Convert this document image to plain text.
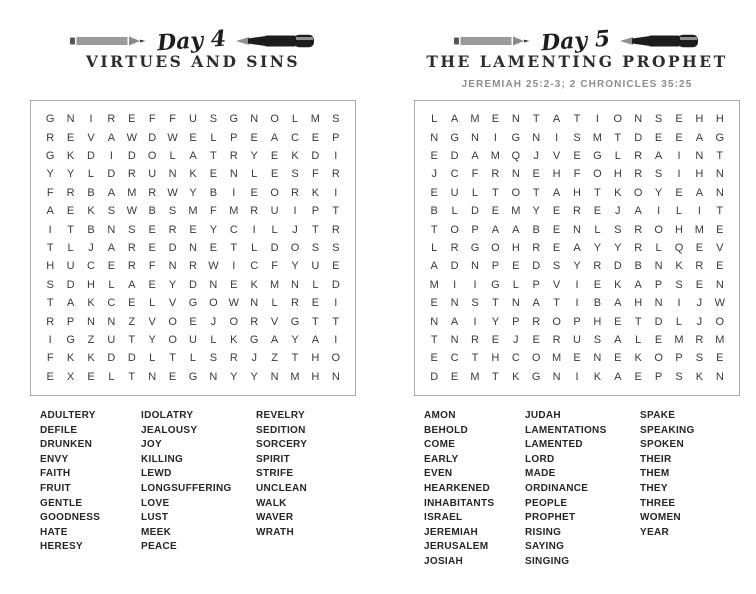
Day 4
VIRTUES AND SINS
G	N	I	R	E	F	F	U	S	G	N	O	L	M	S
R	E	V	A	W	D	W	E	L	P	E	A	C	E	P
G	K	D	I	D	O	L	A	T	R	Y	E	K	D	I
Y	Y	L	D	R	U	N	K	E	N	L	E	S	F	R
F	R	B	A	M	R	W	Y	B	I	E	O	R	K	I
A	E	K	S	W	B	S	M	F	M	R	U	I	P	T
I	T	B	N	S	E	R	E	Y	C	I	L	J	T	R
T	L	J	A	R	E	D	N	E	T	L	D	O	S	S
H	U	C	E	R	F	N	R	W	I	C	F	Y	U	E
S	D	H	L	A	E	Y	D	N	E	K	M	N	L	D
T	A	K	C	E	L	V	G	O W	N	L	R	E	I
R	P	N	N	Z	V	O	E	J	O	R	V	G	T	T
I	G	Z	U	T	Y	O	U	L	K	G	A	Y	A	I
F	K	K	D	D	L	T	L	S	R	J	Z	T	H	O
E	X	E	L	T	N	E	G	N	Y	Y	N	M	H	N
ADULTERY
DEFILE
DRUNKEN
ENVY
FAITH
FRUIT
GENTLE
GOODNESS
HATE
HERESY
IDOLATRY
JEALOUSY
JOY
KILLING
LEWD
LONGSUFFERING
LOVE
LUST
MEEK
PEACE
REVELRY
SEDITION
SORCERY
SPIRIT
STRIFE
UNCLEAN
WALK
WAVER
WRATH
Day 5
THE LAMENTING PROPHET
JEREMIAH 25:2-3; 2 CHRONICLES 35:25
L	A	M	E	N	T	A	T	I	O	N	S	E	H	H
N	G	N	I	G	N	I	S	M	T	D	E	E	A	G
E	D	A	M	Q	J	V	E	G	L	R	A	I	N	T
J	C	F	R	N	E	H	F	O	H	R	S	I	H	N
E	U	L	T	O	T	A	H	T	K	O	Y	E	A	N
B	L	D	E	M	Y	E	R	E	J	A	I	L	I	T
T	O	P	A	A	B	E	N	L	S	R	O	H	M	E
L	R	G	O	H	R	E	A	Y	Y	R	L	Q	E	V
A	D	N	P	E	D	S	Y	R	D	B	N	K	R	E
M	I	I	G	L	P	V	I	E	K	A	P	S	E	N
E	N	S	T	N	A	T	I	B	A	H	N	I	J	W
N	A	I	Y	P	R	O	P	H	E	T	D	L	J	O
T	N	R	E	J	E	R	U	S	A	L	E	M	R	M
E	C	T	H	C	O	M	E	N	E	K	O	P	S	E
D	E	M	T	K	G	N	I	K	A	E	P	S	K	N
AMON
BEHOLD
COME
EARLY
EVEN
HEARKENED
INHABITANTS
ISRAEL
JEREMIAH
JERUSALEM
JOSIAH
JUDAH
LAMENTATIONS
LAMENTED
LORD
MADE
ORDINANCE
PEOPLE
PROPHET
RISING
SAYING
SINGING
SPAKE
SPEAKING
SPOKEN
THEIR
THEM
THEY
THREE
WOMEN
YEAR
